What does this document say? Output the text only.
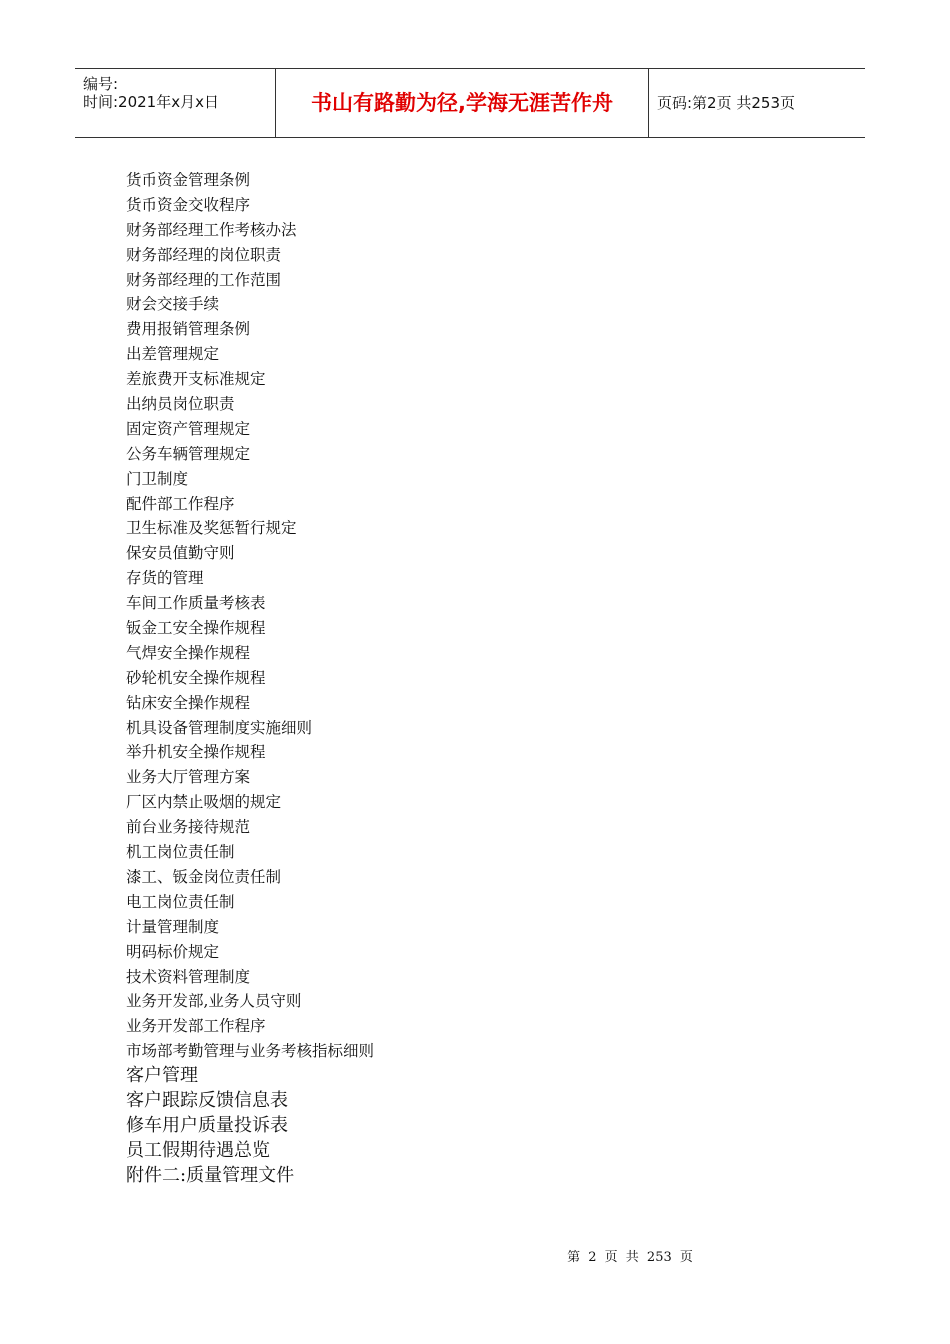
编号:
时间:2021年x月x日	书山有路勤为径,学海无涯苦作舟	页码:第2页 共253页
货币资金管理条例
货币资金交收程序
财务部经理工作考核办法
财务部经理的岗位职责
财务部经理的工作范围
财会交接手续
费用报销管理条例
出差管理规定
差旅费开支标准规定
出纳员岗位职责
固定资产管理规定
公务车辆管理规定
门卫制度
配件部工作程序
卫生标准及奖惩暂行规定
保安员值勤守则
存货的管理
车间工作质量考核表
钣金工安全操作规程
气焊安全操作规程
砂轮机安全操作规程
钻床安全操作规程
机具设备管理制度实施细则
举升机安全操作规程
业务大厅管理方案
厂区内禁止吸烟的规定
前台业务接待规范
机工岗位责任制
漆工、钣金岗位责任制
电工岗位责任制
计量管理制度
明码标价规定
技术资料管理制度
业务开发部,业务人员守则
业务开发部工作程序
市场部考勤管理与业务考核指标细则
客户管理
客户跟踪反馈信息表
修车用户质量投诉表
员工假期待遇总览
附件二:质量管理文件
第 2 页 共 253 页
